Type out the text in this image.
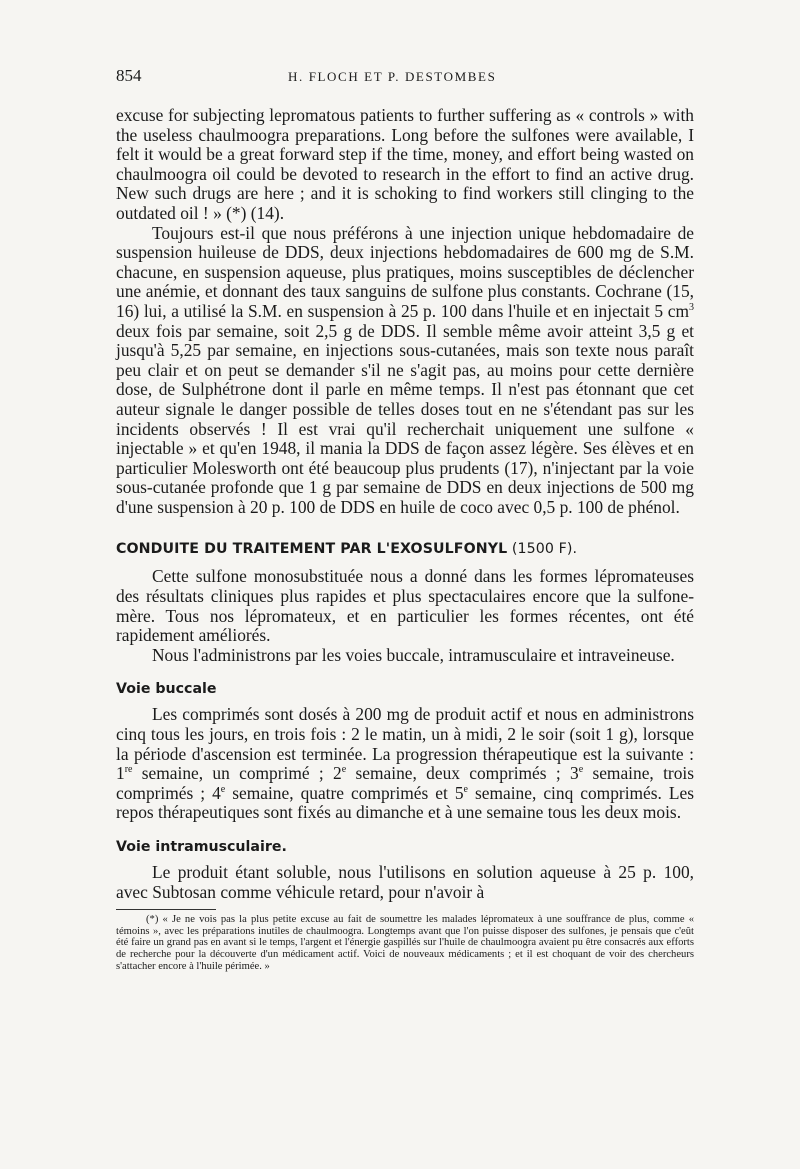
854	H. FLOCH ET P. DESTOMBES

excuse for subjecting lepromatous patients to further suffering as « controls » with the useless chaulmoogra preparations. Long before the sulfones were available, I felt it would be a great forward step if the time, money, and effort being wasted on chaulmoogra oil could be devoted to research in the effort to find an active drug. New such drugs are here ; and it is schoking to find workers still clinging to the outdated oil ! » (*) (14).

Toujours est-il que nous préférons à une injection unique hebdomadaire de suspension huileuse de DDS, deux injections hebdomadaires de 600 mg de S.M. chacune, en suspension aqueuse, plus pratiques, moins susceptibles de déclencher une anémie, et donnant des taux sanguins de sulfone plus constants. Cochrane (15, 16) lui, a utilisé la S.M. en suspension à 25 p. 100 dans l'huile et en injectait 5 $cm^3$ deux fois par semaine, soit 2,5 g de DDS. Il semble même avoir atteint 3,5 g et jusqu'à 5,25 par semaine, en injections sous-cutanées, mais son texte nous paraît peu clair et on peut se demander s'il ne s'agit pas, au moins pour cette dernière dose, de Sulphétrone dont il parle en même temps. Il n'est pas étonnant que cet auteur signale le danger possible de telles doses tout en ne s'étendant pas sur les incidents observés ! Il est vrai qu'il recherchait uniquement une sulfone « injectable » et qu'en 1948, il mania la DDS de façon assez légère. Ses élèves et en particulier Molesworth ont été beaucoup plus prudents (17), n'injectant par la voie sous-cutanée profonde que 1 g par semaine de DDS en deux injections de 500 mg d'une suspension à 20 p. 100 de DDS en huile de coco avec 0,5 p. 100 de phénol.

CONDUITE DU TRAITEMENT PAR L'EXOSULFONYL (1500 F).

Cette sulfone monosubstituée nous a donné dans les formes lépromateuses des résultats cliniques plus rapides et plus spectaculaires encore que la sulfone-mère. Tous nos lépromateux, et en particulier les formes récentes, ont été rapidement améliorés.

Nous l'administrons par les voies buccale, intramusculaire et intraveineuse.

Voie buccale

Les comprimés sont dosés à 200 mg de produit actif et nous en administrons cinq tous les jours, en trois fois : 2 le matin, un à midi, 2 le soir (soit 1 g), lorsque la période d'ascension est terminée. La progression thérapeutique est la suivante : 1re semaine, un comprimé ; 2e semaine, deux comprimés ; 3e semaine, trois comprimés ; 4e semaine, quatre comprimés et 5e semaine, cinq comprimés. Les repos thérapeutiques sont fixés au dimanche et à une semaine tous les deux mois.

Voie intramusculaire.

Le produit étant soluble, nous l'utilisons en solution aqueuse à 25 p. 100, avec Subtosan comme véhicule retard, pour n'avoir à

(*) « Je ne vois pas la plus petite excuse au fait de soumettre les malades lépromateux à une souffrance de plus, comme « témoins », avec les préparations inutiles de chaulmoogra. Longtemps avant que l'on puisse disposer des sulfones, je pensais que c'eût été faire un grand pas en avant si le temps, l'argent et l'énergie gaspillés sur l'huile de chaulmoogra avaient pu être consacrés aux efforts de recherche pour la découverte d'un médicament actif. Voici de nouveaux médicaments ; et il est choquant de voir des chercheurs s'attacher encore à l'huile périmée. »
